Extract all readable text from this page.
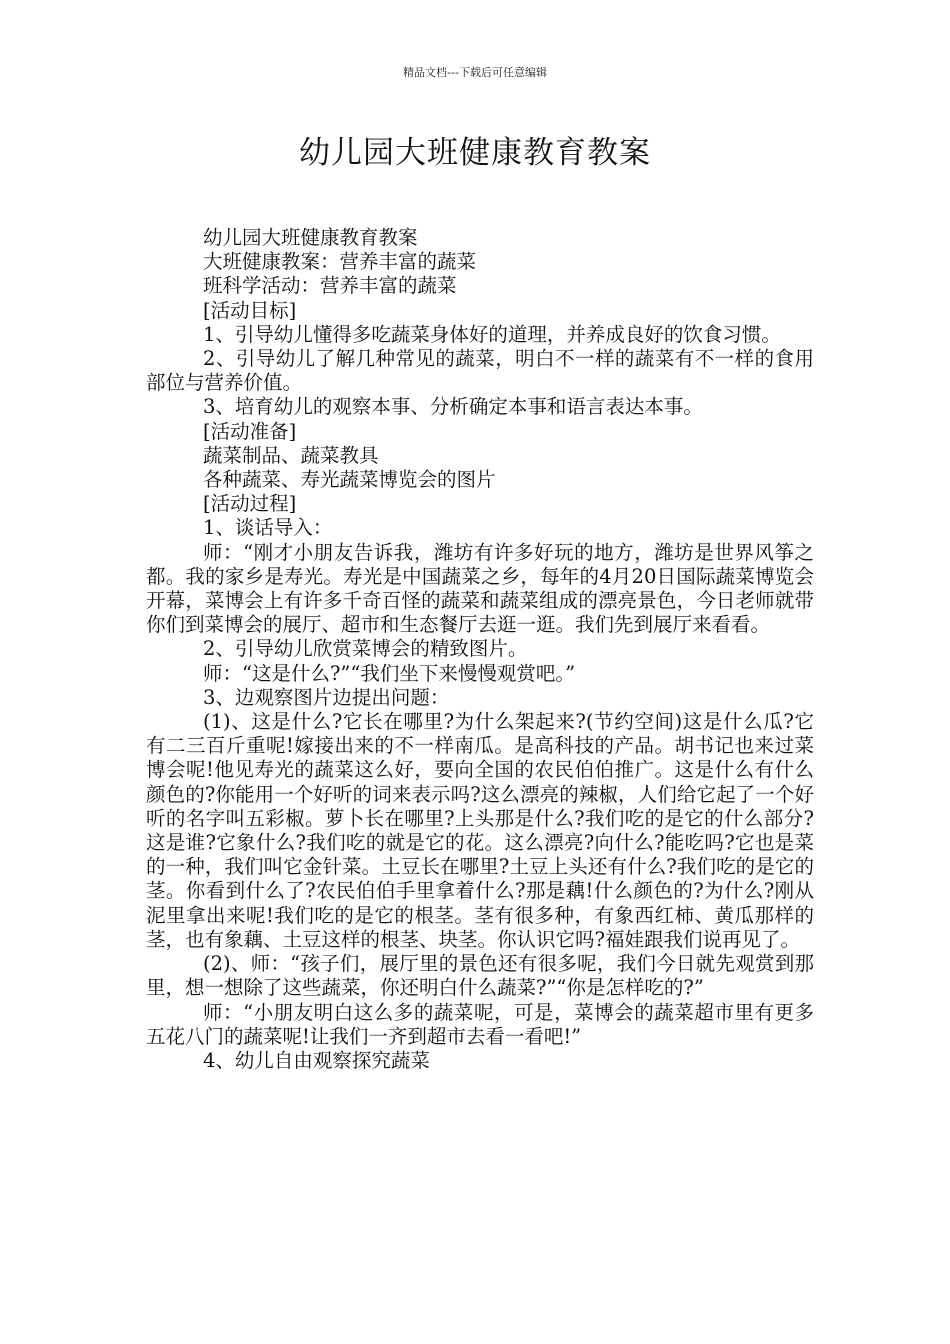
精品文档---下载后可任意编辑
幼儿园大班健康教育教案

幼儿园大班健康教育教案

大班健康教案：营养丰富的蔬菜

班科学活动：营养丰富的蔬菜

[活动目标]

1、引导幼儿懂得多吃蔬菜身体好的道理，并养成良好的饮食习惯。

2、引导幼儿了解几种常见的蔬菜，明白不一样的蔬菜有不一样的食用部位与营养价值。

3、培育幼儿的观察本事、分析确定本事和语言表达本事。

[活动准备]

蔬菜制品、蔬菜教具

各种蔬菜、寿光蔬菜博览会的图片

[活动过程]

1、谈话导入：

师：“刚才小朋友告诉我，潍坊有许多好玩的地方，潍坊是世界风筝之都。我的家乡是寿光。寿光是中国蔬菜之乡，每年的4月20日国际蔬菜博览会开幕，菜博会上有许多千奇百怪的蔬菜和蔬菜组成的漂亮景色，今日老师就带你们到菜博会的展厅、超市和生态餐厅去逛一逛。我们先到展厅来看看。

2、引导幼儿欣赏菜博会的精致图片。

师：“这是什么?”“我们坐下来慢慢观赏吧。”

3、边观察图片边提出问题：

(1)、这是什么?它长在哪里?为什么架起来?(节约空间)这是什么瓜?它有二三百斤重呢!嫁接出来的不一样南瓜。是高科技的产品。胡书记也来过菜博会呢!他见寿光的蔬菜这么好，要向全国的农民伯伯推广。这是什么有什么颜色的?你能用一个好听的词来表示吗?这么漂亮的辣椒，人们给它起了一个好听的名字叫五彩椒。萝卜长在哪里?上头那是什么?我们吃的是它的什么部分?这是谁?它象什么?我们吃的就是它的花。这么漂亮?向什么?能吃吗?它也是菜的一种，我们叫它金针菜。土豆长在哪里?土豆上头还有什么?我们吃的是它的茎。你看到什么了?农民伯伯手里拿着什么?那是藕!什么颜色的?为什么?刚从泥里拿出来呢!我们吃的是它的根茎。茎有很多种，有象西红柿、黄瓜那样的茎，也有象藕、土豆这样的根茎、块茎。你认识它吗?福娃跟我们说再见了。

(2)、师：“孩子们，展厅里的景色还有很多呢，我们今日就先观赏到那里，想一想除了这些蔬菜，你还明白什么蔬菜?”“你是怎样吃的?”

师：“小朋友明白这么多的蔬菜呢，可是，菜博会的蔬菜超市里有更多五花八门的蔬菜呢!让我们一齐到超市去看一看吧!”

4、幼儿自由观察探究蔬菜
